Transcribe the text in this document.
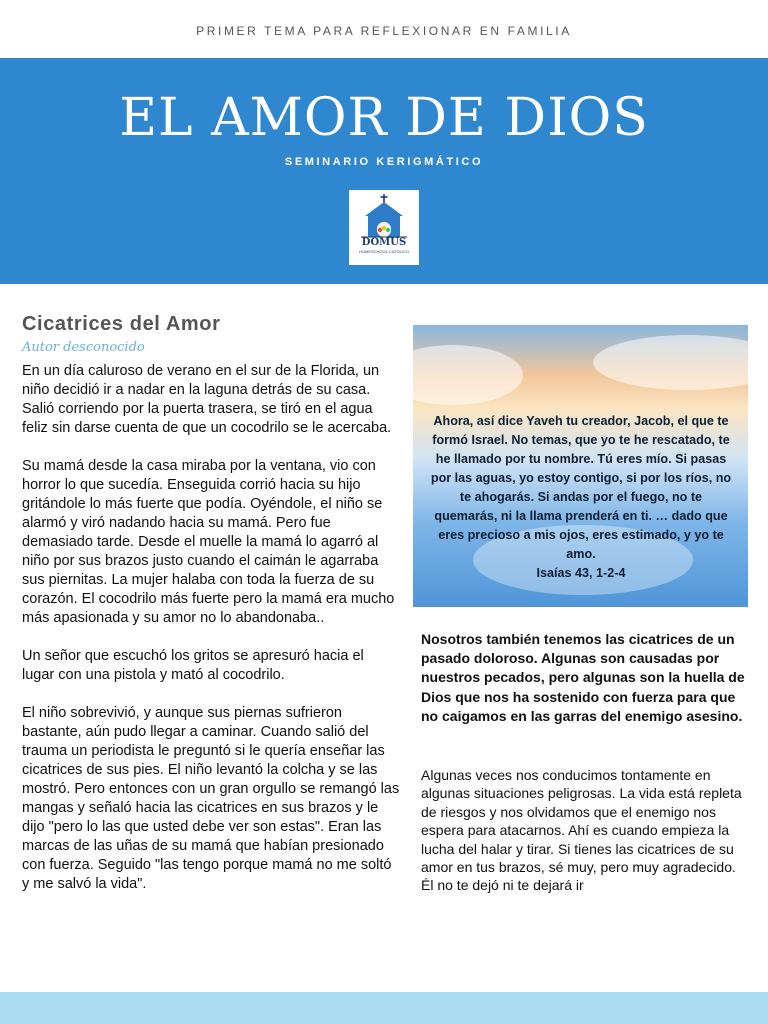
PRIMER TEMA PARA REFLEXIONAR EN FAMILIA
EL AMOR DE DIOS
SEMINARIO KERIGMÁTICO
DOMUS
HOMESCHOOL CATÓLICO
Cicatrices del Amor
Autor desconocido

En un día caluroso de verano en el sur de la Florida, un niño decidió ir a nadar en la laguna detrás de su casa. Salió corriendo por la puerta trasera, se tiró en el agua feliz sin darse cuenta de que un cocodrilo se le acercaba.

Su mamá desde la casa miraba por la ventana, vio con horror lo que sucedía. Enseguida corrió hacia su hijo gritándole lo más fuerte que podía. Oyéndole, el niño se alarmó y viró nadando hacia su mamá. Pero fue demasiado tarde. Desde el muelle la mamá lo agarró al niño por sus brazos justo cuando el caimán le agarraba sus piernitas. La mujer halaba con toda la fuerza de su corazón. El cocodrilo más fuerte pero la mamá era mucho más apasionada y su amor no lo abandonaba..

Un señor que escuchó los gritos se apresuró hacia el lugar con una pistola y mató al cocodrilo.

El niño sobrevivió, y aunque sus piernas sufrieron bastante, aún pudo llegar a caminar. Cuando salió del trauma un periodista le preguntó si le quería enseñar las cicatrices de sus pies. El niño levantó la colcha y se las mostró. Pero entonces con un gran orgullo se remangó las mangas y señaló hacia las cicatrices en sus brazos y le dijo "pero lo las que usted debe ver son estas". Eran las marcas de las uñas de su mamá que habían presionado con fuerza. Seguido "las tengo porque mamá no me soltó y me salvó la vida".

Ahora, así dice Yaveh tu creador, Jacob, el que te formó Israel. No temas, que yo te he rescatado, te he llamado por tu nombre. Tú eres mío. Si pasas por las aguas, yo estoy contigo, si por los ríos, no te ahogarás. Si andas por el fuego, no te quemarás, ni la llama prenderá en ti. … dado que eres precioso a mis ojos, eres estimado, y yo te amo.
Isaías 43, 1-2-4
Nosotros también tenemos las cicatrices de un pasado doloroso. Algunas son causadas por nuestros pecados, pero algunas son la huella de Dios que nos ha sostenido con fuerza para que no caigamos en las garras del enemigo asesino.
Algunas veces nos conducimos tontamente en algunas situaciones peligrosas. La vida está repleta de riesgos y nos olvidamos que el enemigo nos espera para atacarnos. Ahí es cuando empieza la lucha del halar y tirar. Si tienes las cicatrices de su amor en tus brazos, sé muy, pero muy agradecido. Él no te dejó ni te dejará ir
